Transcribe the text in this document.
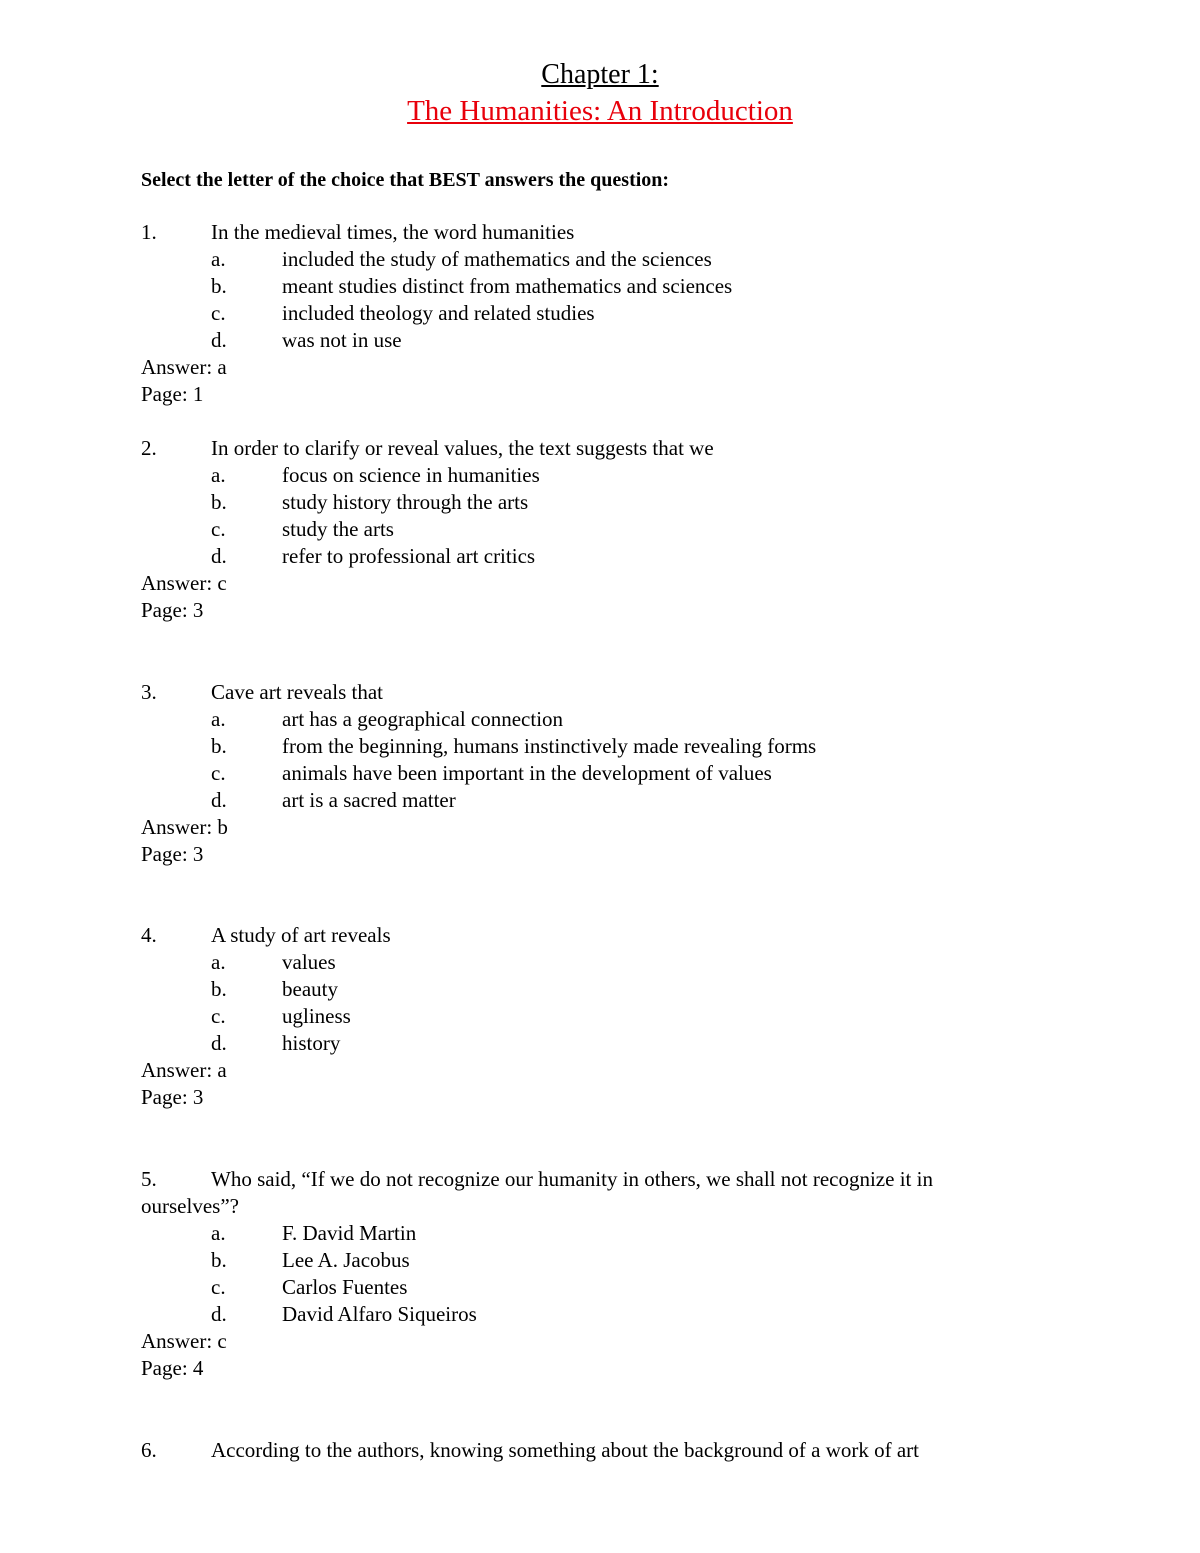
Chapter 1:
The Humanities: An Introduction
Select the letter of the choice that BEST answers the question:
1.	In the medieval times, the word humanities
a.	included the study of mathematics and the sciences
b.	meant studies distinct from mathematics and sciences
c.	included theology and related studies
d.	was not in use
Answer: a
Page: 1
2.	In order to clarify or reveal values, the text suggests that we
a.	focus on science in humanities
b.	study history through the arts
c.	study the arts
d.	refer to professional art critics
Answer: c
Page: 3
3.	Cave art reveals that
a.	art has a geographical connection
b.	from the beginning, humans instinctively made revealing forms
c.	animals have been important in the development of values
d.	art is a sacred matter
Answer: b
Page: 3
4.	A study of art reveals
a.	values
b.	beauty
c.	ugliness
d.	history
Answer: a
Page: 3
5.	Who said, “If we do not recognize our humanity in others, we shall not recognize it in
ourselves”?
a.	F. David Martin
b.	Lee A. Jacobus
c.	Carlos Fuentes
d.	David Alfaro Siqueiros
Answer: c
Page: 4
6.	According to the authors, knowing something about the background of a work of art
